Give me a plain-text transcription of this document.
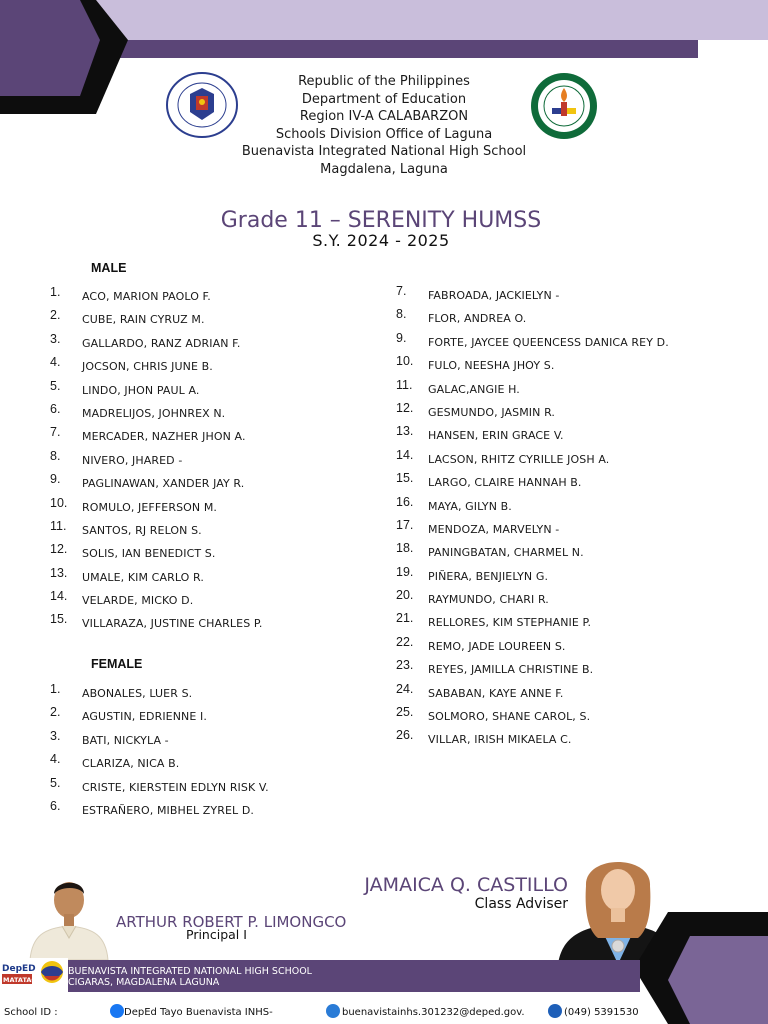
Republic of the Philippines
Department of Education
Region IV-A CALABARZON
Schools Division Office of Laguna
Buenavista Integrated National High School
Magdalena, Laguna
Grade 11 – SERENITY HUMSS
S.Y. 2024 - 2025
MALE
1.	ACO, MARION PAOLO F.
2.	CUBE, RAIN CYRUZ M.
3.	GALLARDO, RANZ ADRIAN F.
4.	JOCSON, CHRIS JUNE B.
5.	LINDO, JHON PAUL A.
6.	MADRELIJOS, JOHNREX N.
7.	MERCADER, NAZHER JHON A.
8.	NIVERO, JHARED -
9.	PAGLINAWAN, XANDER JAY R.
10.	ROMULO, JEFFERSON M.
11.	SANTOS, RJ RELON S.
12.	SOLIS, IAN BENEDICT S.
13.	UMALE, KIM CARLO R.
14.	VELARDE, MICKO D.
15.	VILLARAZA, JUSTINE CHARLES P.
FEMALE
1.	ABONALES, LUER S.
2.	AGUSTIN, EDRIENNE I.
3.	BATI, NICKYLA -
4.	CLARIZA, NICA B.
5.	CRISTE, KIERSTEIN EDLYN RISK V.
6.	ESTRAÑERO, MIBHEL ZYREL D.
7.	FABROADA, JACKIELYN -
8.	FLOR, ANDREA O.
9.	FORTE, JAYCEE QUEENCESS DANICA REY D.
10.	FULO, NEESHA JHOY S.
11.	GALAC,ANGIE H.
12.	GESMUNDO, JASMIN R.
13.	HANSEN, ERIN GRACE V.
14.	LACSON, RHITZ CYRILLE JOSH A.
15.	LARGO, CLAIRE HANNAH B.
16.	MAYA, GILYN B.
17.	MENDOZA, MARVELYN -
18.	PANINGBATAN, CHARMEL N.
19.	PIÑERA, BENJIELYN G.
20.	RAYMUNDO, CHARI R.
21.	RELLORES, KIM STEPHANIE P.
22.	REMO, JADE LOUREEN S.
23.	REYES, JAMILLA CHRISTINE B.
24.	SABABAN, KAYE ANNE F.
25.	SOLMORO, SHANE CAROL, S.
26.	VILLAR, IRISH MIKAELA C.
JAMAICA Q. CASTILLO
Class Adviser
ARTHUR ROBERT P. LIMONGCO
Principal I
DepED
MATATAG
BUENAVISTA INTEGRATED NATIONAL HIGH SCHOOL
CIGARAS, MAGDALENA LAGUNA
School ID :	DepEd Tayo Buenavista INHS-	buenavistainhs.301232@deped.gov.	(049) 5391530
